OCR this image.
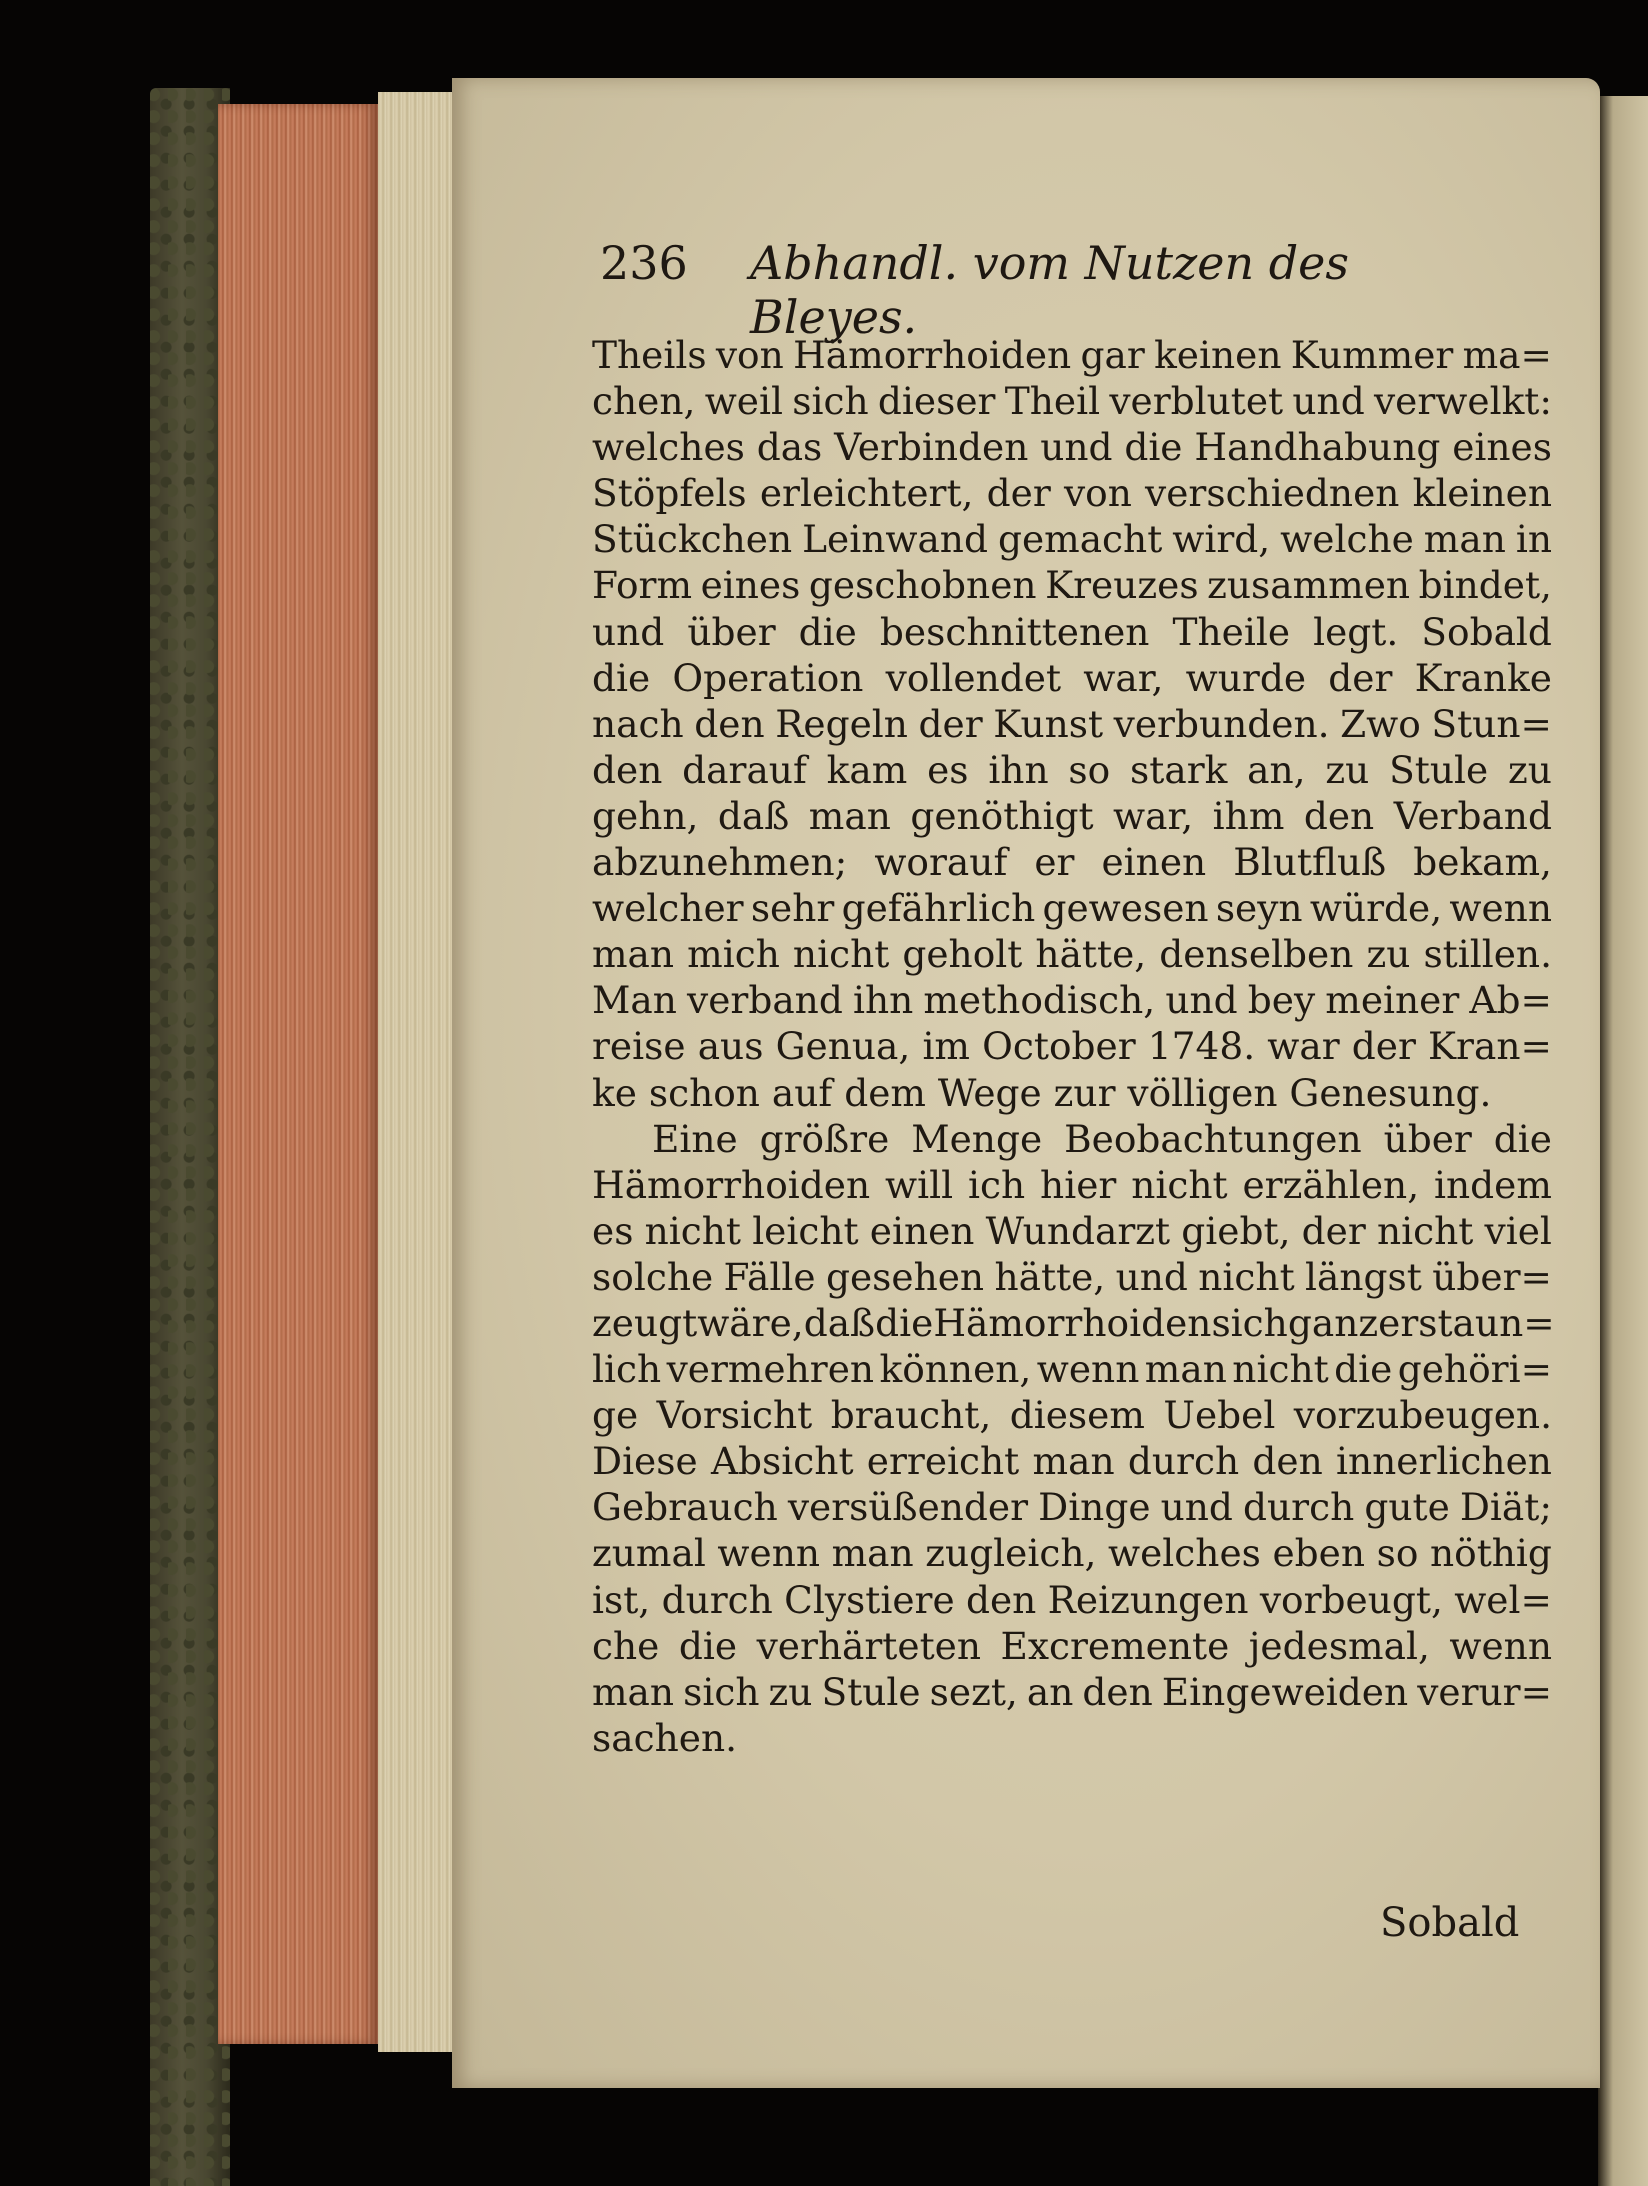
236 Abhandl. vom Nutzen des Bleyes.
Theils von Hämorrhoiden gar keinen Kummer ma=
chen, weil sich dieser Theil verblutet und verwelkt:
welches das Verbinden und die Handhabung eines
Stöpfels erleichtert, der von verschiednen kleinen
Stückchen Leinwand gemacht wird, welche man in
Form eines geschobnen Kreuzes zusammen bindet,
und über die beschnittenen Theile legt. Sobald
die Operation vollendet war, wurde der Kranke
nach den Regeln der Kunst verbunden. Zwo Stun=
den darauf kam es ihn so stark an, zu Stule zu
gehn, daß man genöthigt war, ihm den Verband
abzunehmen; worauf er einen Blutfluß bekam,
welcher sehr gefährlich gewesen seyn würde, wenn
man mich nicht geholt hätte, denselben zu stillen.
Man verband ihn methodisch, und bey meiner Ab=
reise aus Genua, im October 1748. war der Kran=
ke schon auf dem Wege zur völligen Genesung.
Eine größre Menge Beobachtungen über die
Hämorrhoiden will ich hier nicht erzählen, indem
es nicht leicht einen Wundarzt giebt, der nicht viel
solche Fälle gesehen hätte, und nicht längst über=
zeugt wäre, daß die Hämorrhoiden sich ganz erstaun=
lich vermehren können, wenn man nicht die gehöri=
ge Vorsicht braucht, diesem Uebel vorzubeugen.
Diese Absicht erreicht man durch den innerlichen
Gebrauch versüßender Dinge und durch gute Diät;
zumal wenn man zugleich, welches eben so nöthig
ist, durch Clystiere den Reizungen vorbeugt, wel=
che die verhärteten Excremente jedesmal, wenn
man sich zu Stule sezt, an den Eingeweiden verur=
sachen.
Sobald
